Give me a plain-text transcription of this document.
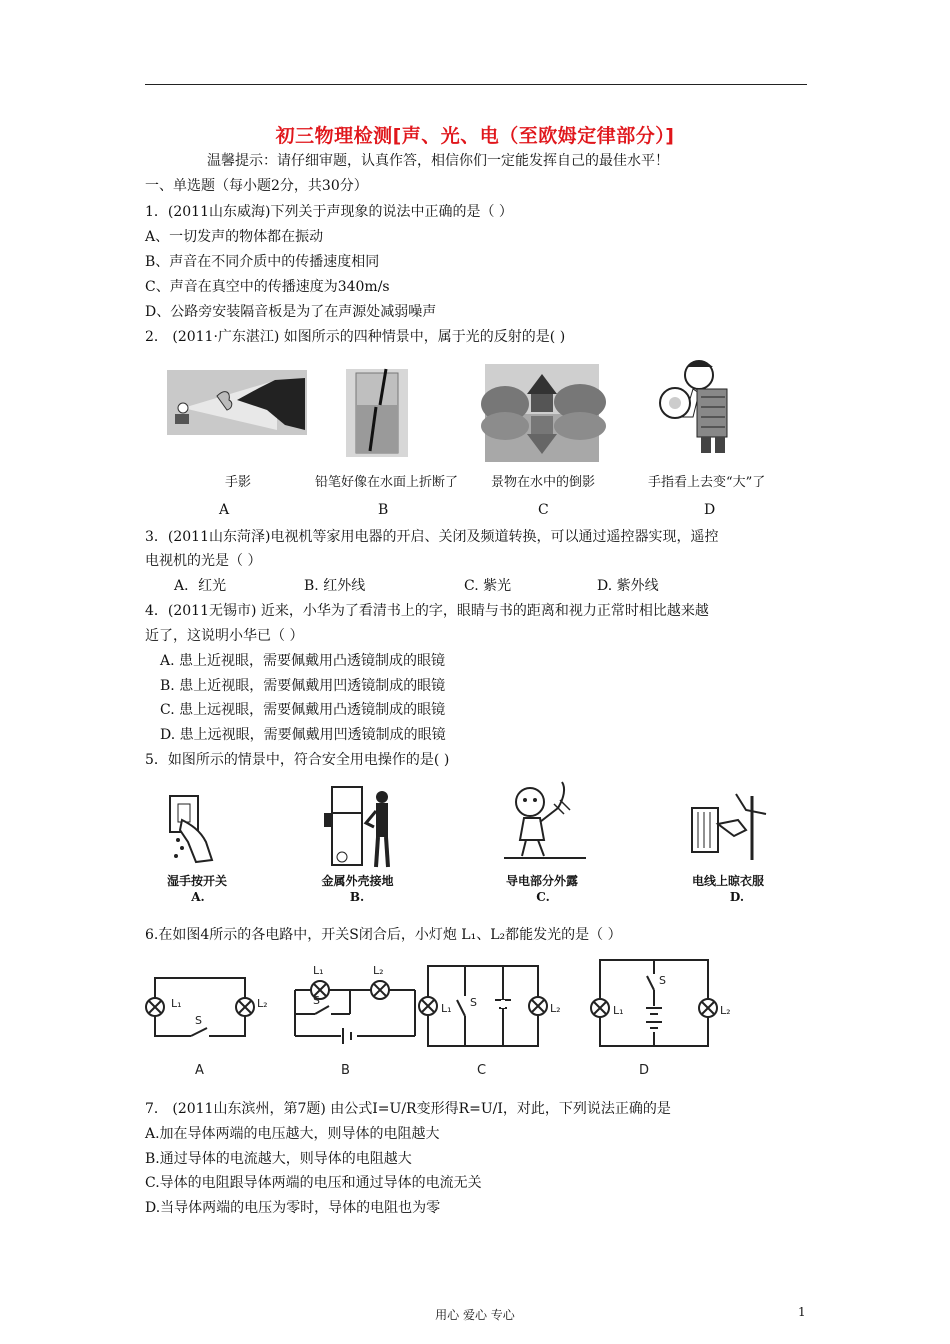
初三物理检测[声、光、电（至欧姆定律部分）]
温馨提示：请仔细审题，认真作答，相信你们一定能发挥自己的最佳水平！
一、单选题（每小题2分，共30分）
1．(2011山东威海)下列关于声现象的说法中正确的是（ ）
A、一切发声的物体都在振动
B、声音在不同介质中的传播速度相同
C、声音在真空中的传播速度为340m/s
D、公路旁安装隔音板是为了在声源处减弱噪声
2． (2011·广东湛江) 如图所示的四种情景中，属于光的反射的是( )
手影	铅笔好像在水面上折断了	景物在水中的倒影	手指看上去变“大”了
A	B	C	D
3．(2011山东菏泽)电视机等家用电器的开启、关闭及频道转换，可以通过遥控器实现，遥控
电视机的光是（ ）
A．红光	B. 红外线	C. 紫光	D. 紫外线
4．(2011无锡市) 近来，小华为了看清书上的字，眼睛与书的距离和视力正常时相比越来越
近了，这说明小华已（ ）
A. 患上近视眼，需要佩戴用凸透镜制成的眼镜
B. 患上近视眼，需要佩戴用凹透镜制成的眼镜
C. 患上远视眼，需要佩戴用凸透镜制成的眼镜
D. 患上远视眼，需要佩戴用凹透镜制成的眼镜
5．如图所示的情景中，符合安全用电操作的是( )
湿手按开关	金属外壳接地	导电部分外露	电线上晾衣服
A.	B.	C.	D.
6.在如图4所示的各电路中，开关S闭合后，小灯炮 L₁、L₂都能发光的是（ ）
L₁	L₂
S
L₁	L₂
S
L₁	L₂
S
L₁	L₂
S
A	B	C	D
7． (2011山东滨州，第7题) 由公式I=U/R变形得R=U/I，对此，下列说法正确的是
A.加在导体两端的电压越大，则导体的电阻越大
B.通过导体的电流越大，则导体的电阻越大
C.导体的电阻跟导体两端的电压和通过导体的电流无关
D.当导体两端的电压为零时，导体的电阻也为零
用心 爱心 专心	1
